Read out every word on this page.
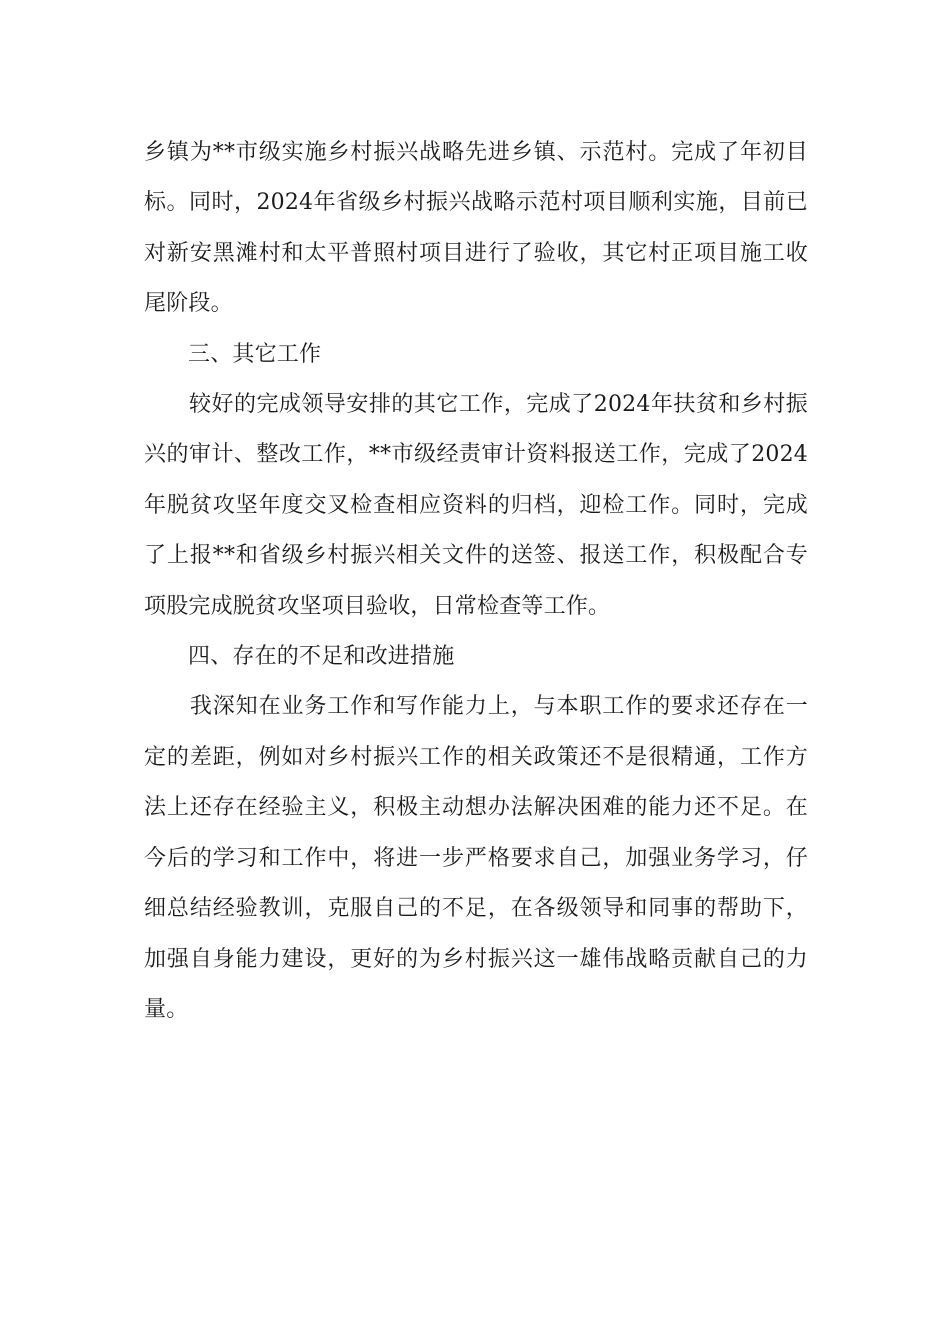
乡镇为**市级实施乡村振兴战略先进乡镇、示范村。完成了年初目
标。同时，2024年省级乡村振兴战略示范村项目顺利实施，目前已
对新安黑滩村和太平普照村项目进行了验收，其它村正项目施工收
尾阶段。

三、其它工作

　　较好的完成领导安排的其它工作，完成了2024年扶贫和乡村振
兴的审计、整改工作，**市级经责审计资料报送工作，完成了2024
年脱贫攻坚年度交叉检查相应资料的归档，迎检工作。同时，完成
了上报**和省级乡村振兴相关文件的送签、报送工作，积极配合专
项股完成脱贫攻坚项目验收，日常检查等工作。

四、存在的不足和改进措施

　　我深知在业务工作和写作能力上，与本职工作的要求还存在一
定的差距，例如对乡村振兴工作的相关政策还不是很精通，工作方
法上还存在经验主义，积极主动想办法解决困难的能力还不足。在
今后的学习和工作中，将进一步严格要求自己，加强业务学习，仔
细总结经验教训，克服自己的不足，在各级领导和同事的帮助下，
加强自身能力建设，更好的为乡村振兴这一雄伟战略贡献自己的力
量。
